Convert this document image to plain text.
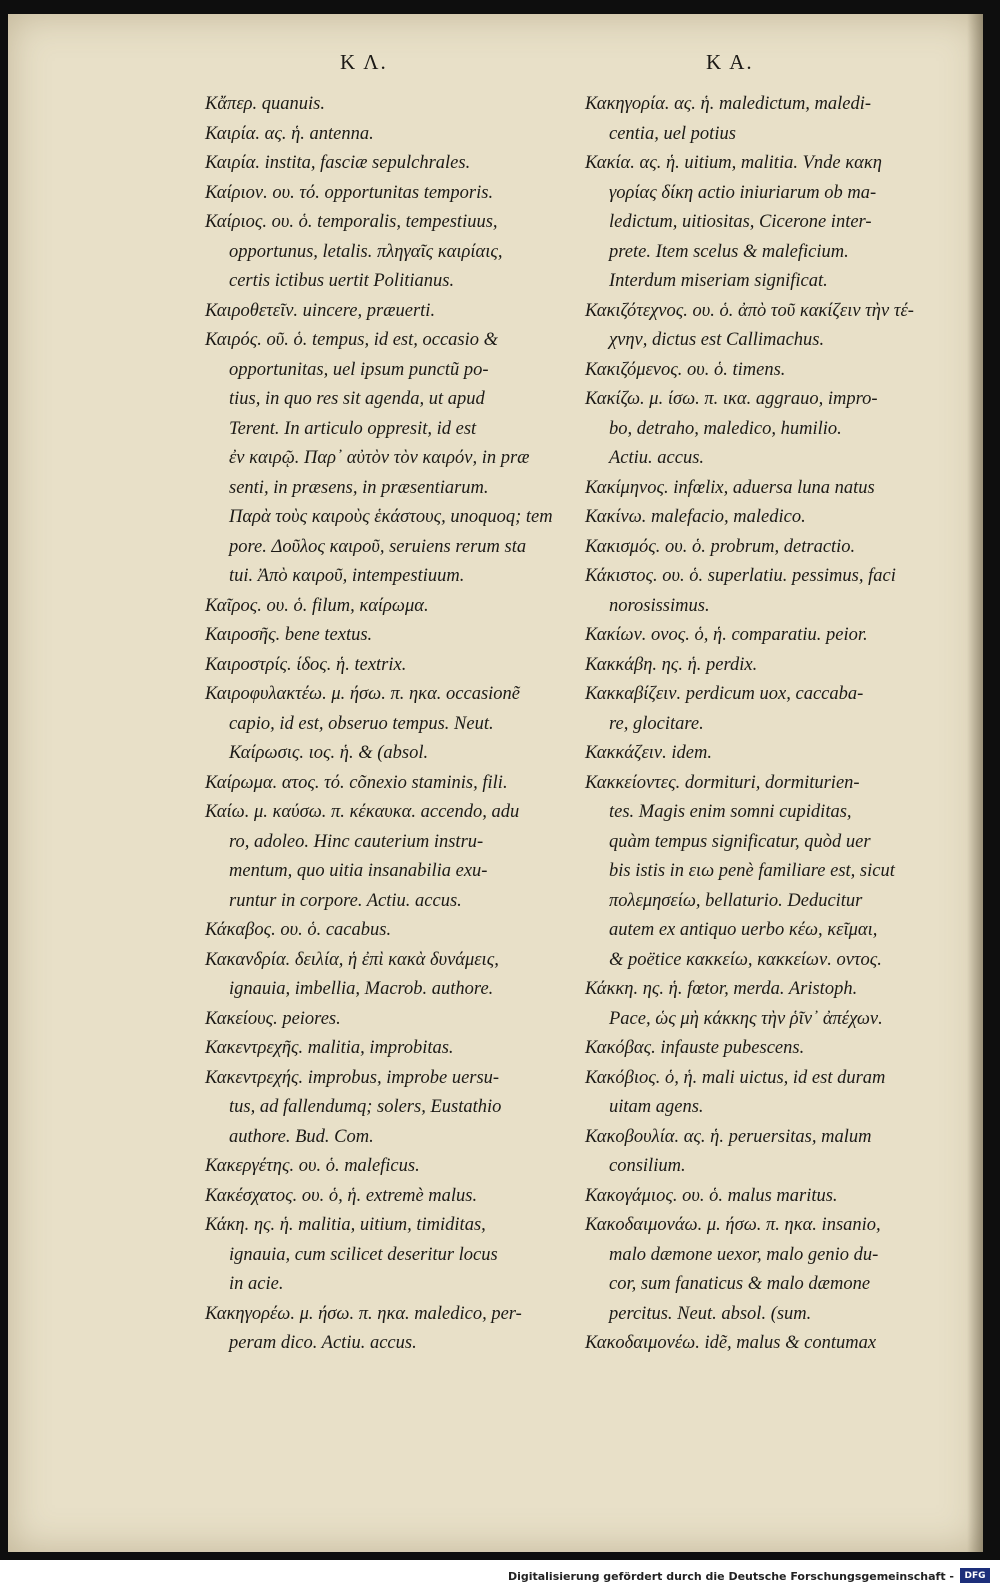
Κ Λ.	Κ Α.
Κἄπερ. quanuis.
Καιρία. ας. ἡ. antenna.
Καιρία. instita, fasciæ sepulchrales.
Καίριον. ου. τό. opportunitas temporis.
Καίριος. ου. ὁ. temporalis, tempestiuus,
opportunus, letalis. πληγαῖς καιρίαις,
certis ictibus uertit Politianus.
Καιροθετεῖν. uincere, præuerti.
Καιρός. οῦ. ὁ. tempus, id est, occasio &
opportunitas, uel ipsum punctũ po-
tius, in quo res sit agenda, ut apud
Terent. In articulo oppresit, id est
ἐν καιρῷ. Παρ᾽ αὐτὸν τὸν καιρόν, in præ
senti, in præsens, in præsentiarum.
Παρὰ τοὺς καιροὺς ἑκάστους, unoquoq; tem
pore. Δοῦλος καιροῦ, seruiens rerum sta
tui. Ἀπὸ καιροῦ, intempestiuum.
Καῖρος. ου. ὁ. filum, καίρωμα.
Καιροσῆς. bene textus.
Καιροστρίς. ίδος. ἡ. textrix.
Καιροφυλακτέω. μ. ήσω. π. ηκα. occasionẽ
capio, id est, obseruo tempus. Neut.
Καίρωσις. ιος. ἡ. & (absol.
Καίρωμα. ατος. τό. cõnexio staminis, fili.
Καίω. μ. καύσω. π. κέκαυκα. accendo, adu
ro, adoleo. Hinc cauterium instru-
mentum, quo uitia insanabilia exu-
runtur in corpore. Actiu. accus.
Κάκαβος. ου. ὁ. cacabus.
Κακανδρία. δειλία, ἡ ἐπὶ κακὰ δυνάμεις,
ignauia, imbellia, Macrob. authore.
Κακείους. peiores.
Κακεντρεχῆς. malitia, improbitas.
Κακεντρεχής. improbus, improbe uersu-
tus, ad fallendumq; solers, Eustathio
authore. Bud. Com.
Κακεργέτης. ου. ὁ. maleficus.
Κακέσχατος. ου. ὁ, ἡ. extremè malus.
Κάκη. ης. ἡ. malitia, uitium, timiditas,
ignauia, cum scilicet deseritur locus
in acie.
Κακηγορέω. μ. ήσω. π. ηκα. maledico, per-
peram dico. Actiu. accus.
Κακηγορία. ας. ἡ. maledictum, maledi-
centia, uel potius
Κακία. ας. ἡ. uitium, malitia. Vnde κακη
γορίας δίκη actio iniuriarum ob ma-
ledictum, uitiositas, Cicerone inter-
prete. Item scelus & maleficium.
Interdum miseriam significat.
Κακιζότεχνος. ου. ὁ. ἀπὸ τοῦ κακίζειν τὴν τέ-
χνην, dictus est Callimachus.
Κακιζόμενος. ου. ὁ. timens.
Κακίζω. μ. ίσω. π. ικα. aggrauo, impro-
bo, detraho, maledico, humilio.
Actiu. accus.
Κακίμηνος. infœlix, aduersa luna natus
Κακίνω. malefacio, maledico.
Κακισμός. ου. ὁ. probrum, detractio.
Κάκιστος. ου. ὁ. superlatiu. pessimus, faci
norosissimus.
Κακίων. ονος. ὁ, ἡ. comparatiu. peior.
Κακκάβη. ης. ἡ. perdix.
Κακκαβίζειν. perdicum uox, caccaba-
re, glocitare.
Κακκάζειν. idem.
Κακκείοντες. dormituri, dormiturien-
tes. Magis enim somni cupiditas,
quàm tempus significatur, quòd uer
bis istis in ειω penè familiare est, sicut
πολεμησείω, bellaturio. Deducitur
autem ex antiquo uerbo κέω, κεῖμαι,
& poëtice κακκείω, κακκείων. οντος.
Κάκκη. ης. ἡ. fœtor, merda. Aristoph.
Pace, ὡς μὴ κάκκης τὴν ῥῖν᾽ ἀπέχων.
Κακόβας. infauste pubescens.
Κακόβιος. ὁ, ἡ. mali uictus, id est duram
uitam agens.
Κακοβουλία. ας. ἡ. peruersitas, malum
consilium.
Κακογάμιος. ου. ὁ. malus maritus.
Κακοδαιμονάω. μ. ήσω. π. ηκα. insanio,
malo dæmone uexor, malo genio du-
cor, sum fanaticus & malo dæmone
percitus. Neut. absol. (sum.
Κακοδαιμονέω. idẽ, malus & contumax
Digitalisierung gefördert durch die Deutsche Forschungsgemeinschaft -	DFG
